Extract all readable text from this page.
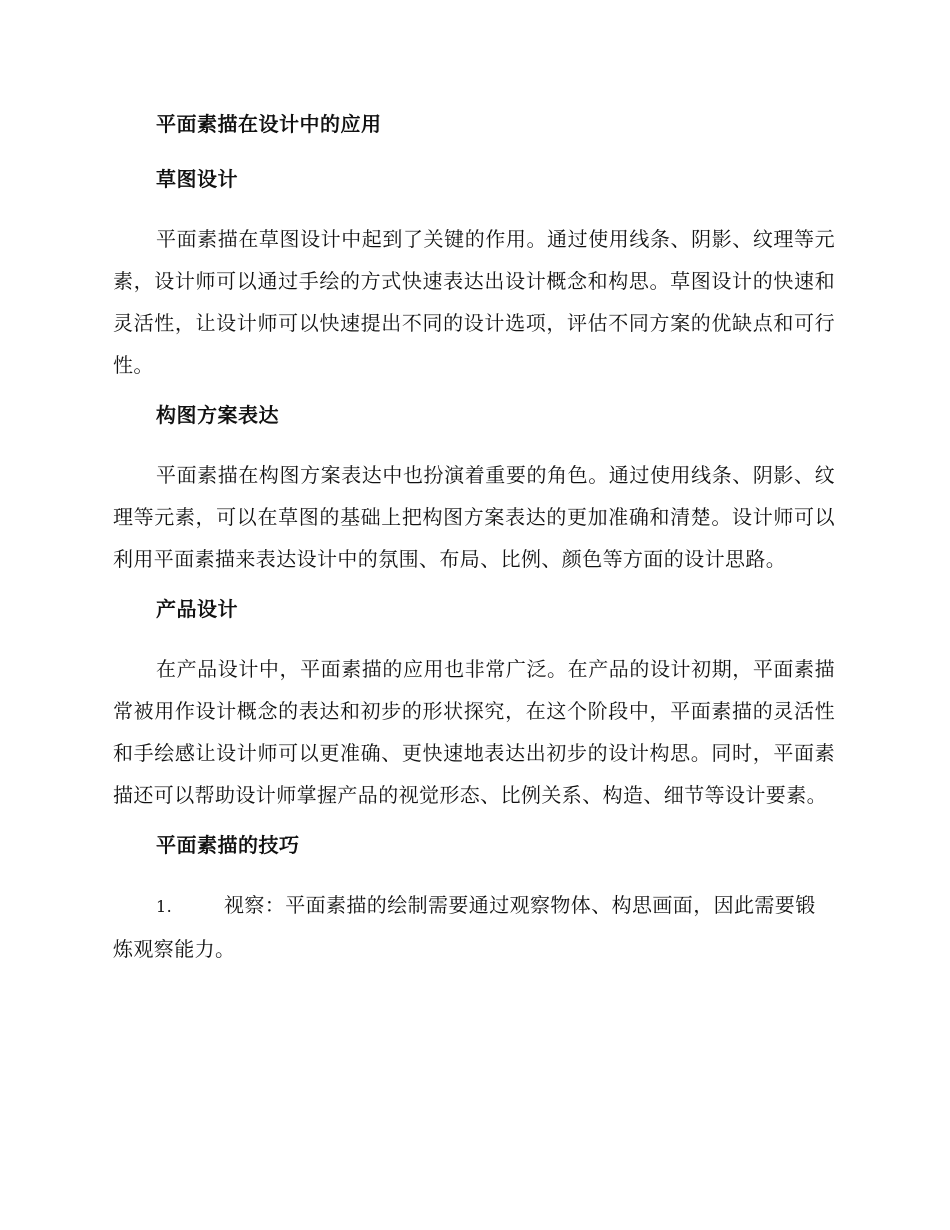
平面素描在设计中的应用
草图设计

平面素描在草图设计中起到了关键的作用。通过使用线条、阴影、纹理等元素，设计师可以通过手绘的方式快速表达出设计概念和构思。草图设计的快速和灵活性，让设计师可以快速提出不同的设计选项，评估不同方案的优缺点和可行性。

构图方案表达

平面素描在构图方案表达中也扮演着重要的角色。通过使用线条、阴影、纹理等元素，可以在草图的基础上把构图方案表达的更加准确和清楚。设计师可以利用平面素描来表达设计中的氛围、布局、比例、颜色等方面的设计思路。

产品设计

在产品设计中，平面素描的应用也非常广泛。在产品的设计初期，平面素描常被用作设计概念的表达和初步的形状探究，在这个阶段中，平面素描的灵活性和手绘感让设计师可以更准确、更快速地表达出初步的设计构思。同时，平面素描还可以帮助设计师掌握产品的视觉形态、比例关系、构造、细节等设计要素。

平面素描的技巧

1.	视察：平面素描的绘制需要通过观察物体、构思画面，因此需要锻炼观察能力。
